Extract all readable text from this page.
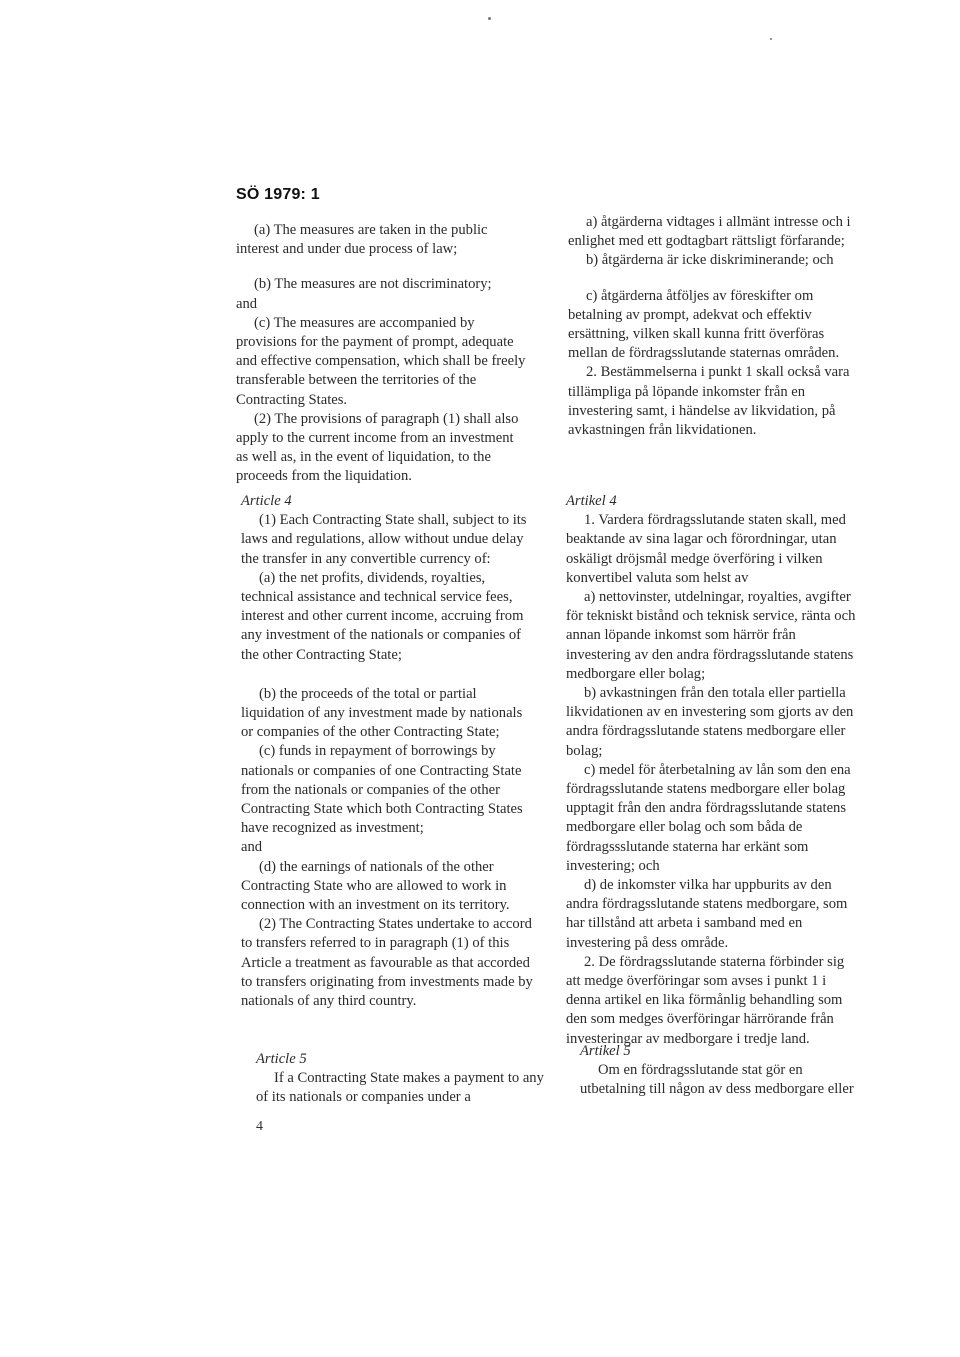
SÖ 1979: 1

(a) The measures are taken in the public interest and under due process of law;

(b) The measures are not discriminatory;

and

(c) The measures are accompanied by provisions for the payment of prompt, adequate and effective compensation, which shall be freely transferable between the territories of the Contracting States.

(2) The provisions of paragraph (1) shall also apply to the current income from an investment as well as, in the event of liquidation, to the proceeds from the liquidation.

Article 4

(1) Each Contracting State shall, subject to its laws and regulations, allow without undue delay the transfer in any convertible currency of:

(a) the net profits, dividends, royalties, technical assistance and technical service fees, interest and other current income, accruing from any investment of the nationals or companies of the other Contracting State;

(b) the proceeds of the total or partial liquidation of any investment made by nationals or companies of the other Contracting State;

(c) funds in repayment of borrowings by nationals or companies of one Contracting State from the nationals or companies of the other Contracting State which both Contracting States have recognized as investment;

and

(d) the earnings of nationals of the other Contracting State who are allowed to work in connection with an investment on its territory.

(2) The Contracting States undertake to accord to transfers referred to in paragraph (1) of this Article a treatment as favourable as that accorded to transfers originating from investments made by nationals of any third country.

Article 5

If a Contracting State makes a payment to any of its nationals or companies under a

a) åtgärderna vidtages i allmänt intresse och i enlighet med ett godtagbart rättsligt förfarande;

b) åtgärderna är icke diskriminerande; och

c) åtgärderna åtföljes av föreskifter om betalning av prompt, adekvat och effektiv ersättning, vilken skall kunna fritt överföras mellan de fördragsslutande staternas områden.

2. Bestämmelserna i punkt 1 skall också vara tillämpliga på löpande inkomster från en investering samt, i händelse av likvidation, på avkastningen från likvidationen.

Artikel 4

1. Vardera fördragsslutande staten skall, med beaktande av sina lagar och förordningar, utan oskäligt dröjsmål medge överföring i vilken konvertibel valuta som helst av

a) nettovinster, utdelningar, royalties, avgifter för tekniskt bistånd och teknisk service, ränta och annan löpande inkomst som härrör från investering av den andra fördragsslutande statens medborgare eller bolag;

b) avkastningen från den totala eller partiella likvidationen av en investering som gjorts av den andra fördragsslutande statens medborgare eller bolag;

c) medel för återbetalning av lån som den ena fördragsslutande statens medborgare eller bolag upptagit från den andra fördragsslutande statens medborgare eller bolag och som båda de fördragssslutande staterna har erkänt som investering; och

d) de inkomster vilka har uppburits av den andra fördragsslutande statens medborgare, som har tillstånd att arbeta i samband med en investering på dess område.

2. De fördragsslutande staterna förbinder sig att medge överföringar som avses i punkt 1 i denna artikel en lika förmånlig behandling som den som medges överföringar härrörande från investeringar av medborgare i tredje land.

Artikel 5

Om en fördragsslutande stat gör en utbetalning till någon av dess medborgare eller

4
